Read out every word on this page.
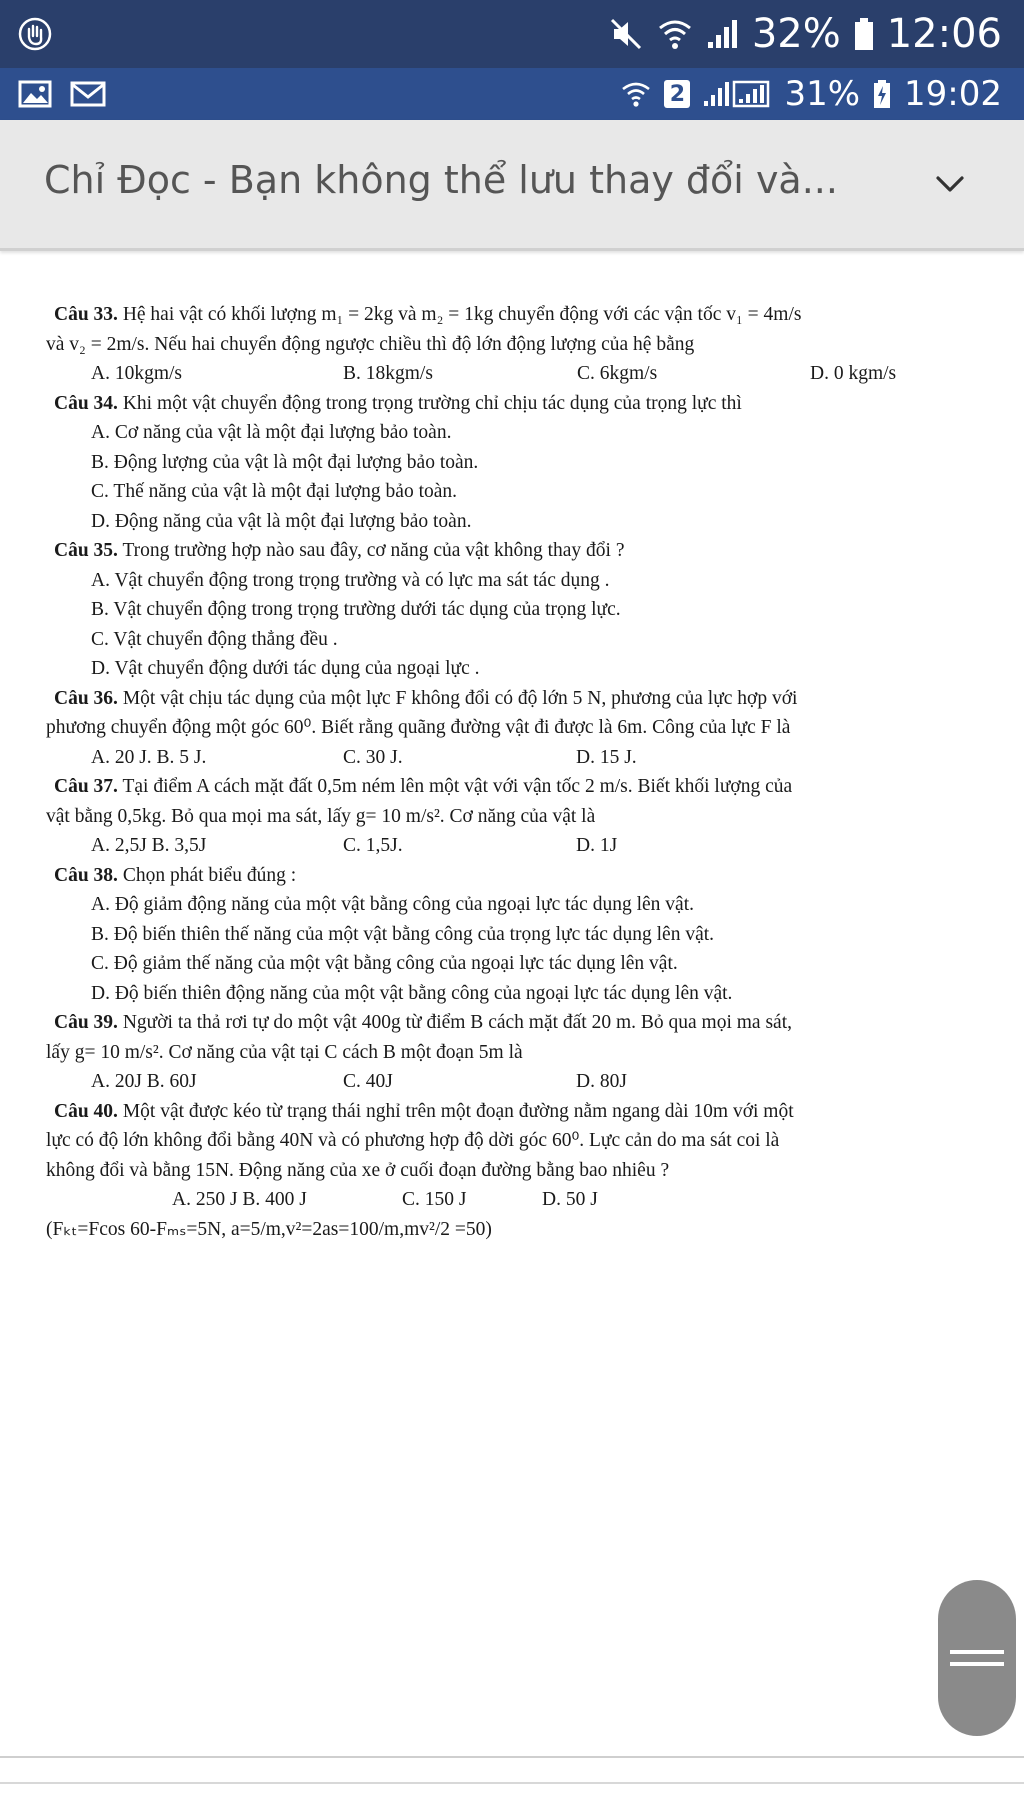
32% 12:06
2	31% 19:02
Chỉ Đọc - Bạn không thể lưu thay đổi và...
Câu 33. Hệ hai vật có khối lượng m₁ = 2kg và m₂ = 1kg chuyển động với các vận tốc v₁ = 4m/s
và v₂ = 2m/s. Nếu hai chuyển động ngược chiều thì độ lớn động lượng của hệ bằng
A. 10kgm/s	B. 18kgm/s	C. 6kgm/s	D. 0 kgm/s
Câu 34. Khi một vật chuyển động trong trọng trường chỉ chịu tác dụng của trọng lực thì
A. Cơ năng của vật là một đại lượng bảo toàn.
B. Động lượng của vật là một đại lượng bảo toàn.
C. Thế năng của vật là một đại lượng bảo toàn.
D. Động năng của vật là một đại lượng bảo toàn.
Câu 35. Trong trường hợp nào sau đây, cơ năng của vật không thay đổi ?
A. Vật chuyển động trong trọng trường và có lực ma sát tác dụng .
B. Vật chuyển động trong trọng trường dưới tác dụng của trọng lực.
C. Vật chuyển động thẳng đều .
D. Vật chuyển động dưới tác dụng của ngoại lực .
Câu 36. Một vật chịu tác dụng của một lực F không đổi có độ lớn 5 N, phương của lực hợp với
phương chuyển động một góc 60⁰. Biết rằng quãng đường vật đi được là 6m. Công của lực F là
A. 20 J. B. 5 J.	C. 30 J.	D. 15 J.
Câu 37. Tại điểm A cách mặt đất 0,5m ném lên một vật với vận tốc 2 m/s. Biết khối lượng của
vật bằng 0,5kg. Bỏ qua mọi ma sát, lấy g= 10 m/s². Cơ năng của vật là
A. 2,5J B. 3,5J	C. 1,5J.	D. 1J
Câu 38. Chọn phát biểu đúng :
A. Độ giảm động năng của một vật bằng công của ngoại lực tác dụng lên vật.
B. Độ biến thiên thế năng của một vật bằng công của trọng lực tác dụng lên vật.
C. Độ giảm thế năng của một vật bằng công của ngoại lực tác dụng lên vật.
D. Độ biến thiên động năng của một vật bằng công của ngoại lực tác dụng lên vật.
Câu 39. Người ta thả rơi tự do một vật 400g từ điểm B cách mặt đất 20 m. Bỏ qua mọi ma sát,
lấy g= 10 m/s². Cơ năng của vật tại C cách B một đoạn 5m là
A. 20J B. 60J	C. 40J	D. 80J
Câu 40. Một vật được kéo từ trạng thái nghỉ trên một đoạn đường nằm ngang dài 10m với một
lực có độ lớn không đổi bằng 40N và có phương hợp độ dời góc 60⁰. Lực cản do ma sát coi là
không đổi và bằng 15N. Động năng của xe ở cuối đoạn đường bằng bao nhiêu ?
A. 250 J B. 400 J	C. 150 J	D. 50 J
(Fₖₜ=Fcos 60-Fₘₛ=5N, a=5/m,v²=2as=100/m,mv²/2 =50)
